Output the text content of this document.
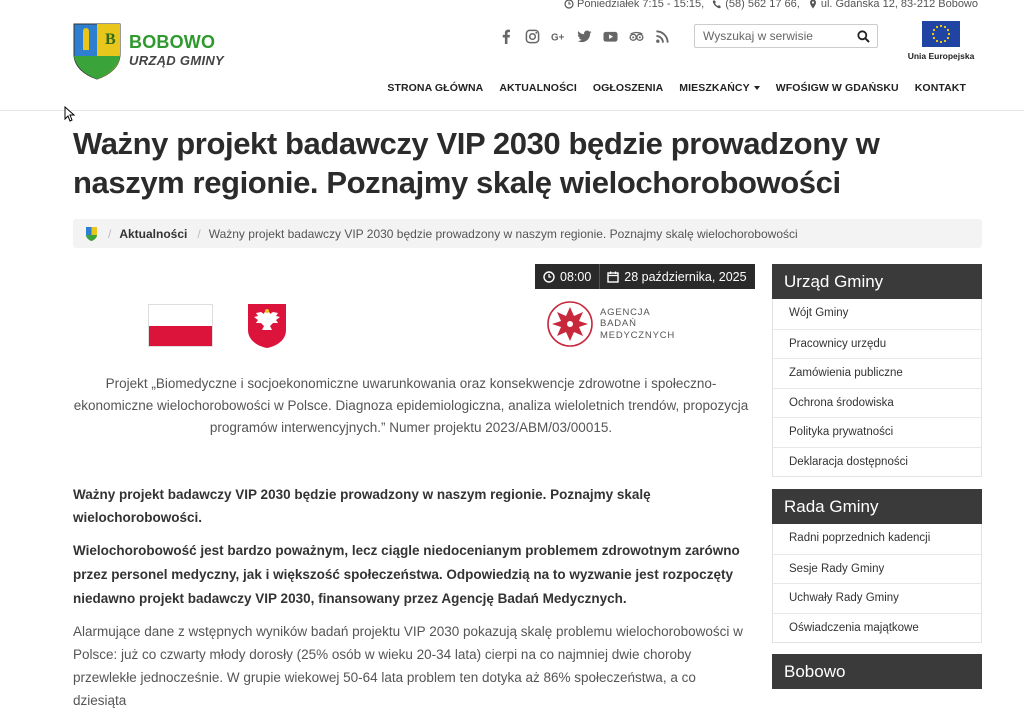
Poniedziałek 7:15 - 15:15, (58) 562 17 66, ul. Gdańska 12, 83-212 Bobowo
B BOBOWO
URZĄD GMINY
G+
Wyszukaj w serwisie
Unia Europejska
STRONA GŁÓWNA	AKTUALNOŚCI	OGŁOSZENIA	MIESZKAŃCY	WFOŚIGW W GDAŃSKU	KONTAKT
Ważny projekt badawczy VIP 2030 będzie prowadzony w naszym regionie. Poznajmy skalę wielochorobowości
/ Aktualności / Ważny projekt badawczy VIP 2030 będzie prowadzony w naszym regionie. Poznajmy skalę wielochorobowości
08:00	28 października, 2025
AGENCJA
BADAŃ
MEDYCZNYCH

Projekt „Biomedyczne i socjoekonomiczne uwarunkowania oraz konsekwencje zdrowotne i społeczno-ekonomiczne wielochorobowości w Polsce. Diagnoza epidemiologiczna, analiza wieloletnich trendów, propozycja programów interwencyjnych.” Numer projektu 2023/ABM/03/00015.

Ważny projekt badawczy VIP 2030 będzie prowadzony w naszym regionie. Poznajmy skalę wielochorobowości.

Wielochorobowość jest bardzo poważnym, lecz ciągle niedocenianym problemem zdrowotnym zarówno przez personel medyczny, jak i większość społeczeństwa. Odpowiedzią na to wyzwanie jest rozpoczęty niedawno projekt badawczy VIP 2030, finansowany przez Agencję Badań Medycznych.

Alarmujące dane z wstępnych wyników badań projektu VIP 2030 pokazują skalę problemu wielochorobowości w Polsce: już co czwarty młody dorosły (25% osób w wieku 20-34 lata) cierpi na co najmniej dwie choroby przewlekłe jednocześnie. W grupie wiekowej 50-64 lata problem ten dotyka aż 86% społeczeństwa, a co dziesiąta

Urząd Gminy
Wójt Gminy
Pracownicy urzędu
Zamówienia publiczne
Ochrona środowiska
Polityka prywatności
Deklaracja dostępności
Rada Gminy
Radni poprzednich kadencji
Sesje Rady Gminy
Uchwały Rady Gminy
Oświadczenia majątkowe
Bobowo
